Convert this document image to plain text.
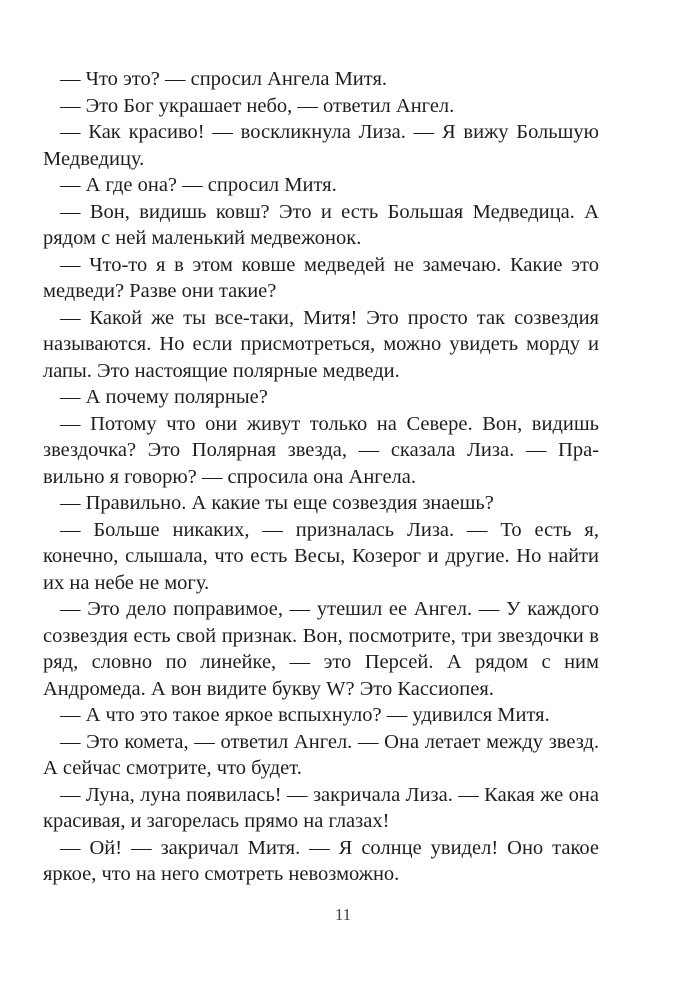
— Что это? — спросил Ангела Митя.

— Это Бог украшает небо, — ответил Ангел.

— Как красиво! — воскликнула Лиза. — Я вижу Большую Медведицу.

— А где она? — спросил Митя.

— Вон, видишь ковш? Это и есть Большая Медведица. А рядом с ней маленький медвежонок.

— Что-то я в этом ковше медведей не замечаю. Какие это медведи? Разве они такие?

— Какой же ты все-таки, Митя! Это просто так созвездия называются. Но если присмотреться, можно увидеть морду и лапы. Это настоящие полярные медведи.

— А почему полярные?

— Потому что они живут только на Севере. Вон, видишь звездочка? Это Полярная звезда, — сказала Лиза. — Правильно я говорю? — спросила она Ангела.

— Правильно. А какие ты еще созвездия знаешь?

— Больше никаких, — призналась Лиза. — То есть я, конечно, слышала, что есть Весы, Козерог и другие. Но найти их на небе не могу.

— Это дело поправимое, — утешил ее Ангел. — У каждого созвездия есть свой признак. Вон, посмотрите, три звездочки в ряд, словно по линейке, — это Персей. А рядом с ним Андромеда. А вон видите букву W? Это Кассиопея.

— А что это такое яркое вспыхнуло? — удивился Митя.

— Это комета, — ответил Ангел. — Она летает между звезд. А сейчас смотрите, что будет.

— Луна, луна появилась! — закричала Лиза. — Какая же она красивая, и загорелась прямо на глазах!

— Ой! — закричал Митя. — Я солнце увидел! Оно такое яркое, что на него смотреть невозможно.

11
